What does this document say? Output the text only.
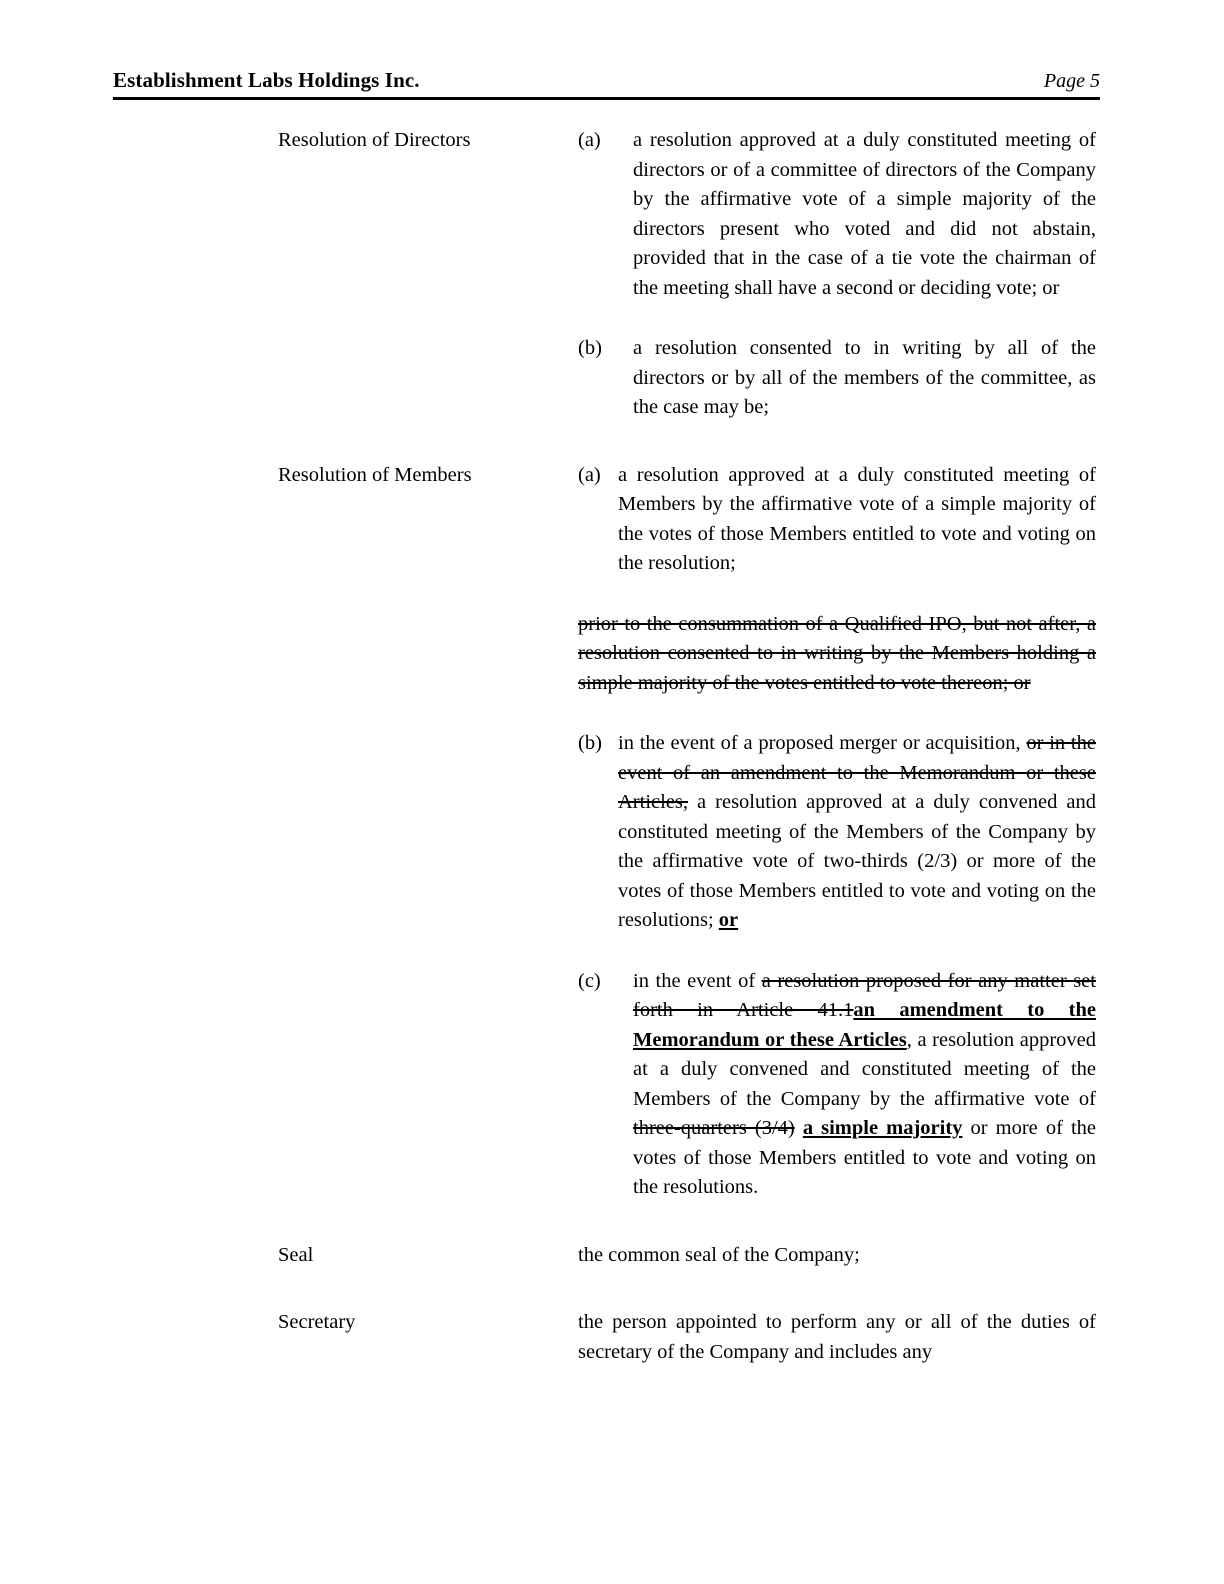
Establishment Labs Holdings Inc.	Page 5
Resolution of Directors	(a)	a resolution approved at a duly constituted meeting of directors or of a committee of directors of the Company by the affirmative vote of a simple majority of the directors present who voted and did not abstain, provided that in the case of a tie vote the chairman of the meeting shall have a second or deciding vote; or
(b)	a resolution consented to in writing by all of the directors or by all of the members of the committee, as the case may be;
Resolution of Members	(a) a resolution approved at a duly constituted meeting of Members by the affirmative vote of a simple majority of the votes of those Members entitled to vote and voting on the resolution;
prior to the consummation of a Qualified IPO, but not after, a resolution consented to in writing by the Members holding a simple majority of the votes entitled to vote thereon; or
(b) in the event of a proposed merger or acquisition, or in the event of an amendment to the Memorandum or these Articles, a resolution approved at a duly convened and constituted meeting of the Members of the Company by the affirmative vote of two-thirds (2/3) or more of the votes of those Members entitled to vote and voting on the resolutions; or
(c)	in the event of a resolution proposed for any matter set forth in Article 41.1an amendment to the Memorandum or these Articles, a resolution approved at a duly convened and constituted meeting of the Members of the Company by the affirmative vote of three-quarters (3/4) a simple majority or more of the votes of those Members entitled to vote and voting on the resolutions.
Seal	the common seal of the Company;
Secretary	the person appointed to perform any or all of the duties of secretary of the Company and includes any
